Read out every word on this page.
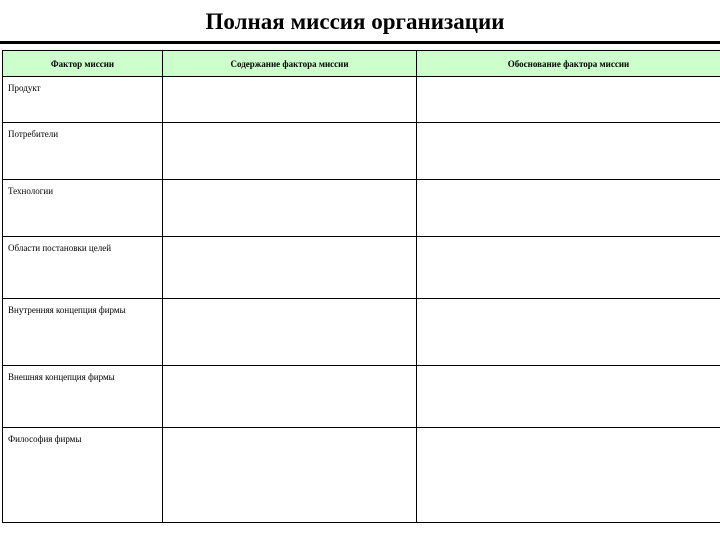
Полная миссия организации
Фактор миссии	Содержание фактора миссии	Обоснование фактора миссии
Продукт		
Потребители		
Технологии		
Области постановки целей		
Внутренняя концепция фирмы		
Внешняя концепция фирмы		
Философия фирмы		
